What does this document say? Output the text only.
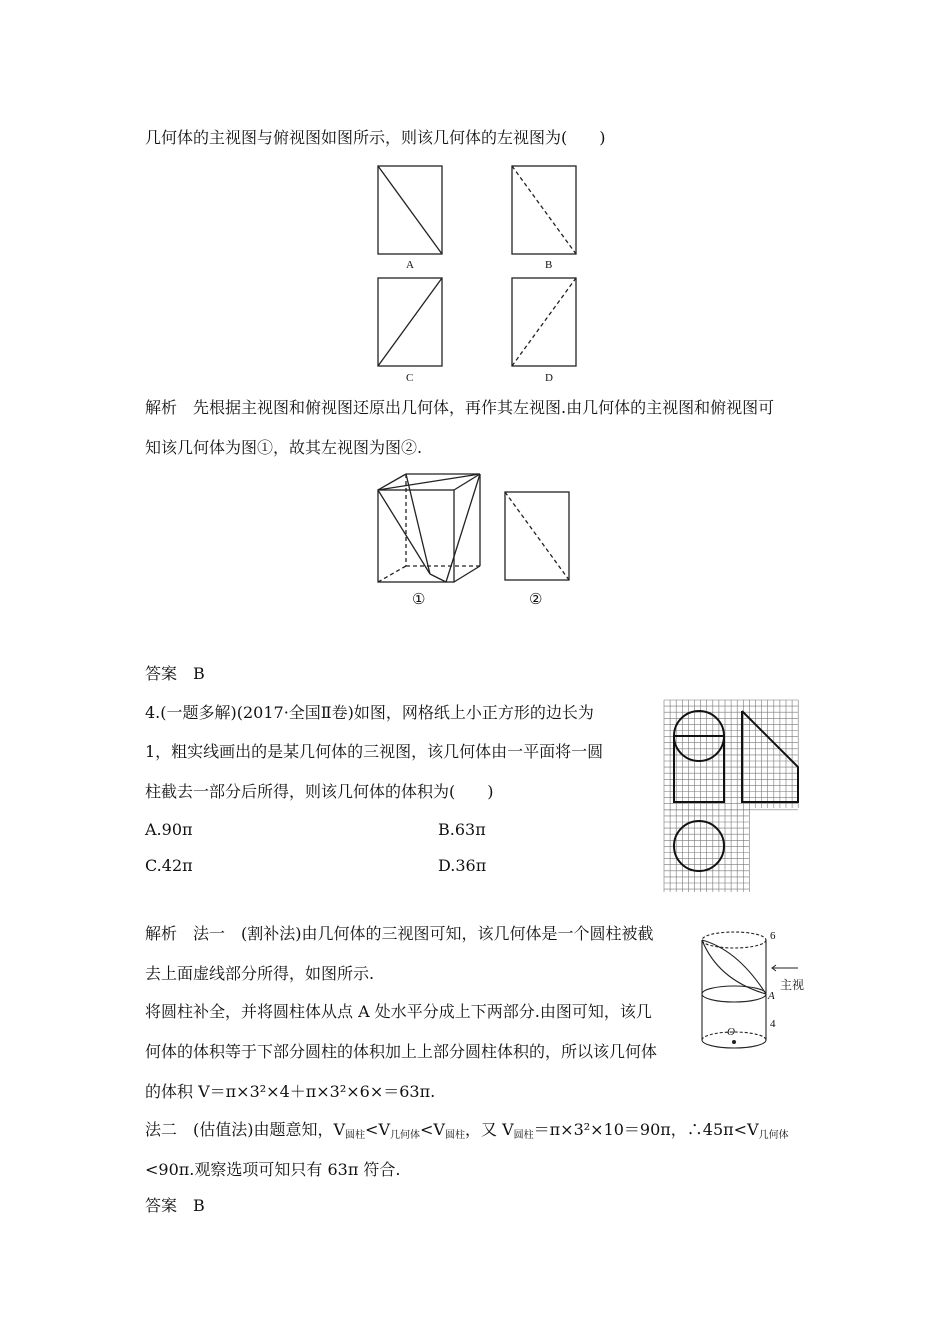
几何体的主视图与俯视图如图所示，则该几何体的左视图为(　　)
A	B
C	D
解析　先根据主视图和俯视图还原出几何体，再作其左视图.由几何体的主视图和俯视图可
知该几何体为图①，故其左视图为图②.
①	②
答案　B
4.(一题多解)(2017·全国Ⅱ卷)如图，网格纸上小正方形的边长为
1，粗实线画出的是某几何体的三视图，该几何体由一平面将一圆
柱截去一部分后所得，则该几何体的体积为(　　)
A.90π	B.63π
C.42π	D.36π
解析　法一　(割补法)由几何体的三视图可知，该几何体是一个圆柱被截
去上面虚线部分所得，如图所示.
将圆柱补全，并将圆柱体从点 A 处水平分成上下两部分.由图可知，该几
何体的体积等于下部分圆柱的体积加上上部分圆柱体积的，所以该几何体
的体积 V＝π×3²×4＋π×3²×6×＝63π.
6
主视
A
4
O
法二　(估值法)由题意知，$V_{圆柱}<V_{几何体}<V_{圆柱}$，又 $V_{圆柱}=\pi\times 3^2\times 10=90\pi$，$\therefore 45\pi<V_{几何体}$
<90π.观察选项可知只有 63π 符合.
答案　B
